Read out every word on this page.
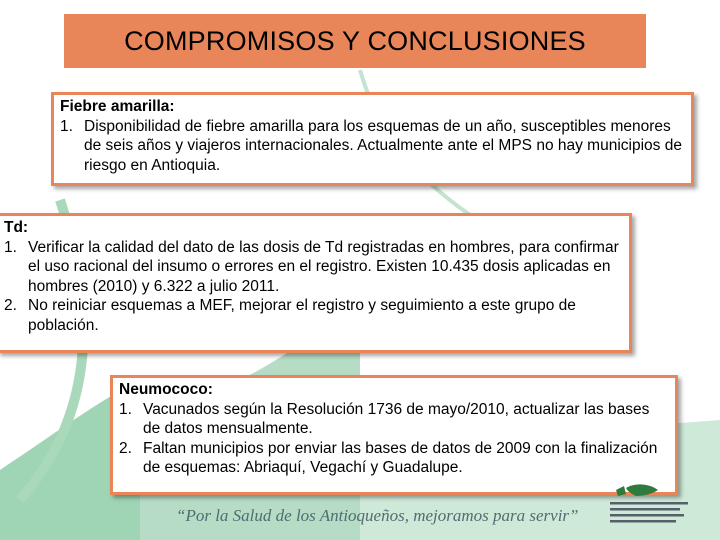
COMPROMISOS Y CONCLUSIONES
Fiebre amarilla:
Disponibilidad de fiebre amarilla para los esquemas de un año, susceptibles menores de seis años y viajeros internacionales. Actualmente ante el MPS no hay municipios de riesgo en Antioquia.
Td:
Verificar la calidad del dato de las dosis de Td registradas en hombres, para confirmar el uso racional del insumo o errores en el registro. Existen 10.435 dosis aplicadas en hombres (2010) y 6.322 a julio 2011.
No reiniciar esquemas a MEF, mejorar el registro y seguimiento a este grupo de población.
Neumococo:
Vacunados según la Resolución 1736 de mayo/2010, actualizar las bases de datos mensualmente.
Faltan municipios por enviar las bases de datos de 2009 con la finalización de esquemas: Abriaquí, Vegachí y Guadalupe.
“Por la Salud de los Antioqueños, mejoramos para servir”
